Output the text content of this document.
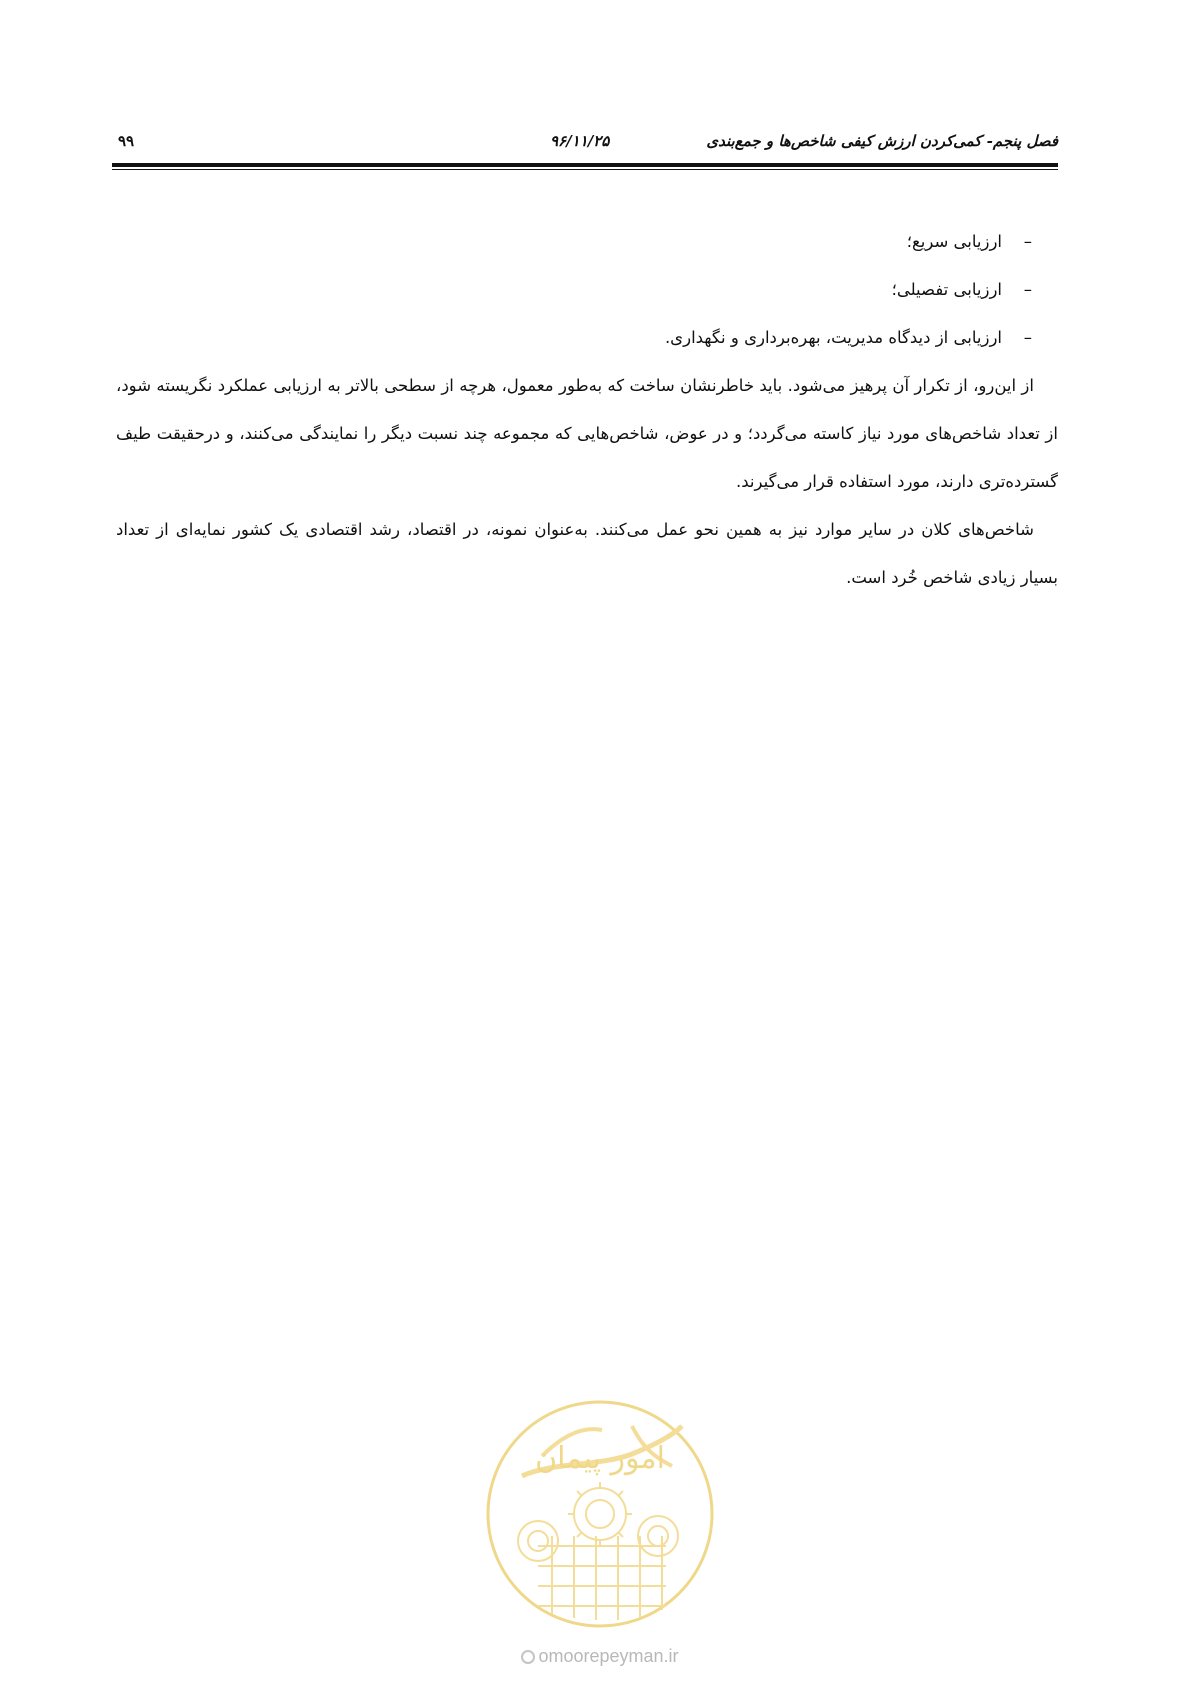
فصل پنجم- کمی‌کردن ارزش کیفی شاخص‌ها و جمع‌بندی
۹۶/۱۱/۲۵
۹۹
–ارزیابی سریع؛
–ارزیابی تفصیلی؛
–ارزیابی از دیدگاه مدیریت، بهره‌برداری و نگهداری.

از این‌رو، از تکرار آن پرهیز می‌شود. باید خاطرنشان ساخت که به‌طور معمول، هرچه از سطحی بالاتر به ارزیابی عملکرد نگریسته شود، از تعداد شاخص‌های مورد نیاز کاسته می‌گردد؛ و در عوض، شاخص‌هایی که مجموعه چند نسبت دیگر را نمایندگی می‌کنند، و درحقیقت طیف گسترده‌تری دارند، مورد استفاده قرار می‌گیرند.

شاخص‌های کلان در سایر موارد نیز به همین نحو عمل می‌کنند. به‌عنوان نمونه، در اقتصاد، رشد اقتصادی یک کشور نمایه‌ای از تعداد بسیار زیادی شاخص خُرد است.

امور پیمان
omoorepeyman.ir
